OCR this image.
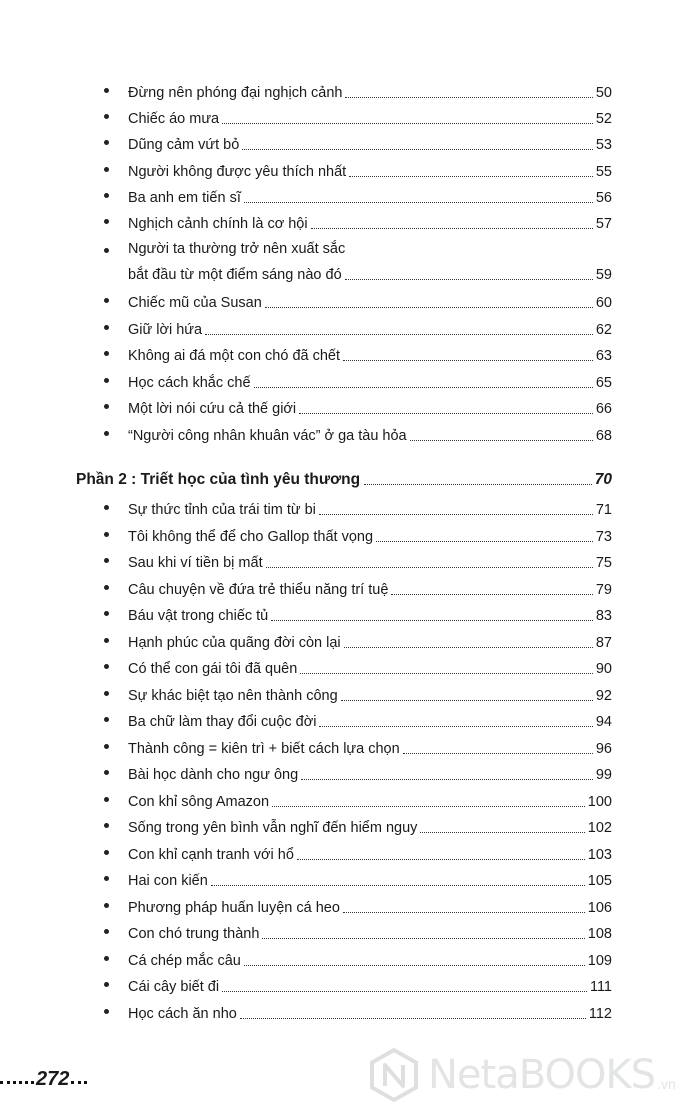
Đừng nên phóng đại nghịch cảnh	50
Chiếc áo mưa	52
Dũng cảm vứt bỏ	53
Người không được yêu thích nhất	55
Ba anh em tiến sĩ	56
Nghịch cảnh chính là cơ hội	57
Người ta thường trở nên xuất sắc
bắt đầu từ một điểm sáng nào đó	59
Chiếc mũ của Susan	60
Giữ lời hứa	62
Không ai đá một con chó đã chết	63
Học cách khắc chế	65
Một lời nói cứu cả thế giới	66
“Người công nhân khuân vác” ở ga tàu hỏa	68
Phần 2 : Triết học của tình yêu thương	70
Sự thức tỉnh của trái tim từ bi	71
Tôi không thể để cho Gallop thất vọng	73
Sau khi ví tiền bị mất	75
Câu chuyện về đứa trẻ thiểu năng trí tuệ	79
Báu vật trong chiếc tủ	83
Hạnh phúc của quãng đời còn lại	87
Có thể con gái tôi đã quên	90
Sự khác biệt tạo nên thành công	92
Ba chữ làm thay đổi cuộc đời	94
Thành công = kiên trì + biết cách lựa chọn	96
Bài học dành cho ngư ông	99
Con khỉ sông Amazon	100
Sống trong yên bình vẫn nghĩ đến hiểm nguy	102
Con khỉ cạnh tranh với hổ	103
Hai con kiến	105
Phương pháp huấn luyện cá heo	106
Con chó trung thành	108
Cá chép mắc câu	109
Cái cây biết đi	111
Học cách ăn nho	112
272	NetaBOOKS .vn
